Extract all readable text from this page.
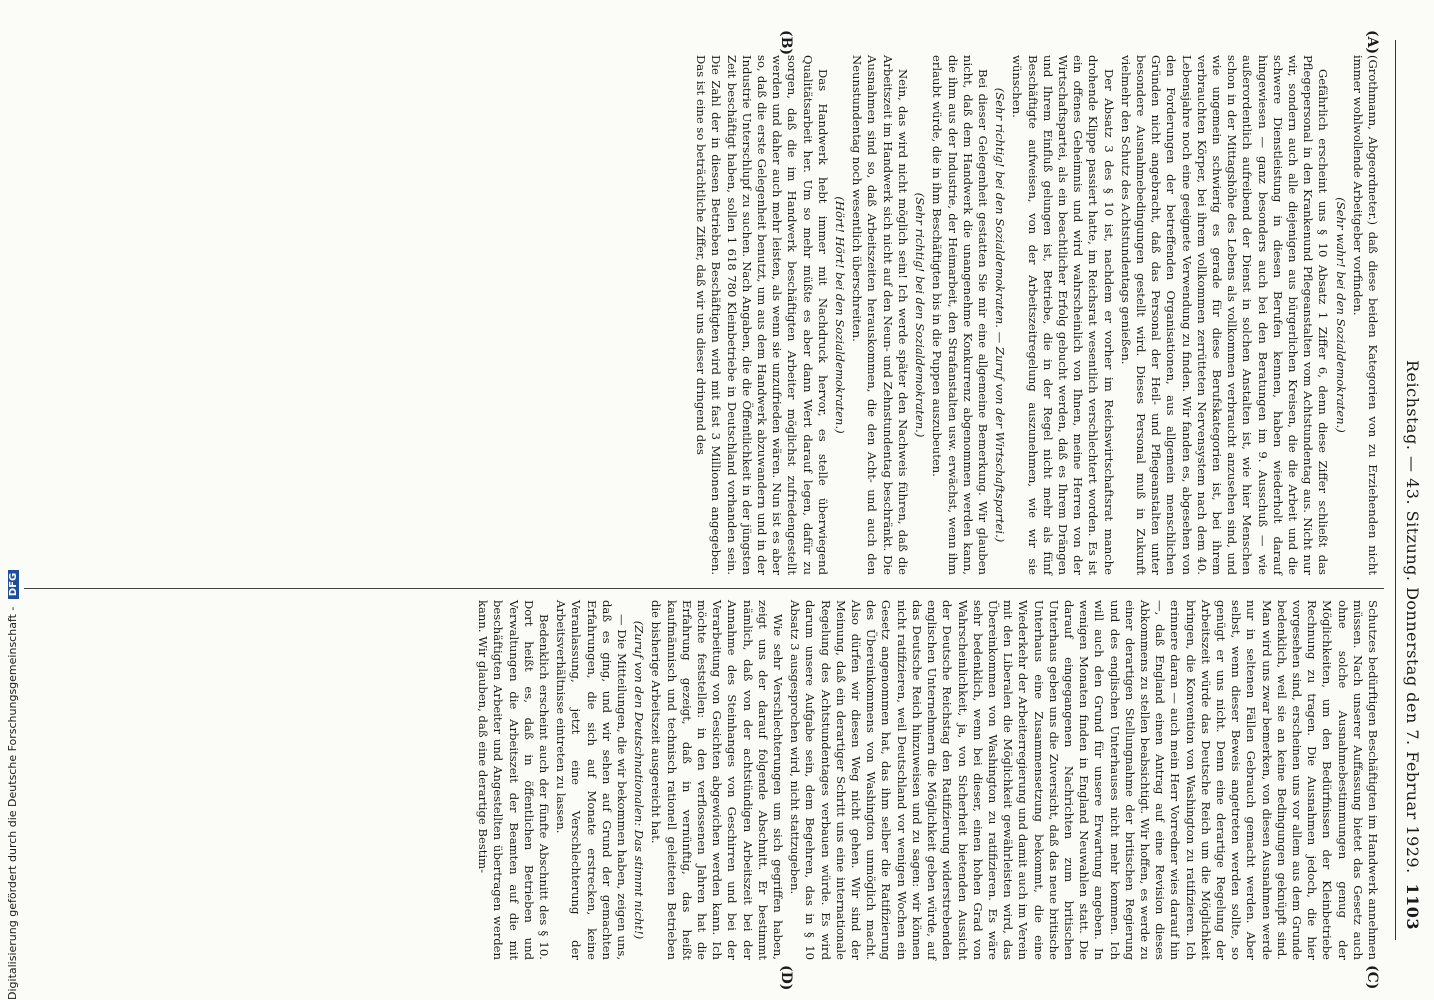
Reichstag. — 43. Sitzung. Donnerstag den 7. Februar 1929.
1103
(A)
(B)
(C)
(D)

(Grothmann, Abgeordneter.) daß diese beiden Kategorien von zu Erziehenden nicht immer wohlwollende Arbeitgeber vorfinden.

(Sehr wahr! bei den Sozialdemokraten.)

Gefährlich erscheint uns § 10 Absatz 1 Ziffer 6, denn diese Ziffer schließt das Pflegepersonal in den Krankenund Pflegeanstalten vom Achtstundentag aus. Nicht nur wir, sondern auch alle diejenigen aus bürgerlichen Kreisen, die die Arbeit und die schwere Dienstleistung in diesen Berufen kennen, haben wiederholt darauf hingewiesen — ganz besonders auch bei den Beratungen im 9. Ausschuß — wie außerordentlich aufreibend der Dienst in solchen Anstalten ist, wie hier Menschen schon in der Mittagshöhe des Lebens als vollkommen verbraucht anzusehen sind, und wie ungemein schwierig es gerade für diese Berufskategorien ist, bei ihrem verbrauchten Körper, bei ihrem vollkommen zerrütteten Nervensystem nach dem 40. Lebensjahre noch eine geeignete Verwendung zu finden. Wir fanden es, abgesehen von den Forderungen der betreffenden Organisationen, aus allgemein menschlichen Gründen nicht angebracht, daß das Personal der Heil- und Pflegeanstalten unter besondere Ausnahmebedingungen gestellt wird. Dieses Personal muß in Zukunft vielmehr den Schutz des Achtstundentags genießen.

Der Absatz 3 des § 10 ist, nachdem er vorher im Reichswirtschaftsrat manche drohende Klippe passiert hatte, im Reichsrat wesentlich verschlechtert worden. Es ist ein offenes Geheimnis und wird wahrscheinlich von Ihnen, meine Herren von der Wirtschaftspartei, als ein beachtlicher Erfolg gebucht werden, daß es Ihrem Drängen und Ihrem Einfluß gelungen ist, Betriebe, die in der Regel nicht mehr als fünf Beschäftigte aufweisen, von der Arbeitszeitregelung auszunehmen, wie wir sie wünschen.

(Sehr richtig! bei den Sozialdemokraten. — Zuruf von der Wirtschaftspartei.)

Bei dieser Gelegenheit gestatten Sie mir eine allgemeine Bemerkung. Wir glauben nicht, daß dem Handwerk die unangenehme Konkurrenz abgenommen werden kann, die ihm aus der Industrie, der Heimarbeit, den Strafanstalten usw. erwächst, wenn ihm erlaubt würde, die in ihm Beschäftigten bis in die Puppen auszubeuten.

(Sehr richtig! bei den Sozialdemokraten.)

Nein, das wird nicht möglich sein! Ich werde später den Nachweis führen, daß die Arbeitszeit im Handwerk sich nicht auf den Neun- und Zehnstundentag beschränkt. Die Ausnahmen sind so, daß Arbeitszeiten herauskommen, die den Acht- und auch den Neunstundentag noch wesentlich überschreiten.

(Hört! Hört! bei den Sozialdemokraten.)

Das Handwerk hebt immer mit Nachdruck hervor, es stelle überwiegend Qualitätsarbeit her. Um so mehr müßte es aber dann Wert darauf legen, dafür zu sorgen, daß die im Handwerk beschäftigten Arbeiter möglichst zufriedengestellt werden und daher auch mehr leisten, als wenn sie unzufrieden wären. Nun ist es aber so, daß die erste Gelegenheit benutzt, um aus dem Handwerk abzuwandern und in der Industrie Unterschlupf zu suchen. Nach Angaben, die die Öffentlichkeit in der jüngsten Zeit beschäftigt haben, sollen 1 618 780 Kleinbetriebe in Deutschland vorhanden sein. Die Zahl der in diesen Betrieben Beschäftigten wird mit fast 3 Millionen angegeben. Das ist eine so beträchtliche Ziffer, daß wir uns dieser dringend des

Schutzes bedürftigen Beschäftigten im Handwerk annehmen müssen. Nach unserer Auffassung bietet das Gesetz auch ohne solche Ausnahmebestimmungen genug der Möglichkeiten, um den Bedürfnissen der Kleinbetriebe Rechnung zu tragen. Die Ausnahmen jedoch, die hier vorgesehen sind, erscheinen uns vor allem aus dem Grunde bedenklich, weil sie an keine Bedingungen geknüpft sind. Man wird uns zwar bemerken, von diesen Ausnahmen werde nur in seltenen Fällen Gebrauch gemacht werden. Aber selbst, wenn dieser Beweis angetreten werden sollte, so genügt er uns nicht. Denn eine derartige Regelung der Arbeitszeit würde das Deutsche Reich um die Möglichkeit bringen, die Konvention von Washington zu ratifizieren. Ich erinnere daran — auch mein Herr Vorredner wies darauf hin —, daß England einen Antrag auf eine Revision dieses Abkommens zu stellen beabsichtigt. Wir hoffen, es werde zu einer derartigen Stellungnahme der britischen Regierung und des englischen Unterhauses nicht mehr kommen. Ich will auch den Grund für unsere Erwartung angeben. In wenigen Monaten finden in England Neuwahlen statt. Die darauf eingegangenen Nachrichten zum britischen Unterhaus geben uns die Zuversicht, daß das neue britische Unterhaus eine Zusammensetzung bekommt, die eine Wiederkehr der Arbeiterregierung und damit auch im Verein mit den Liberalen die Möglichkeit gewährleisten wird, das Übereinkommen von Washington zu ratifizieren. Es wäre sehr bedenklich, wenn bei dieser, einen hohen Grad von Wahrscheinlichkeit, ja, von Sicherheit bietenden Aussicht der Deutsche Reichstag den Ratifizierung widerstrebenden englischen Unternehmern die Möglichkeit geben würde, auf das Deutsche Reich hinzuweisen und zu sagen: wir können nicht ratifizieren, weil Deutschland vor wenigen Wochen ein Gesetz angenommen hat, das ihm selber die Ratifizierung des Übereinkommens von Washington unmöglich macht. Also dürfen wir diesen Weg nicht gehen. Wir sind der Meinung, daß ein derartiger Schritt uns eine internationale Regelung des Achtstundentages verbauen würde. Es wird darum unsere Aufgabe sein, dem Begehren, das in § 10 Absatz 3 ausgesprochen wird, nicht stattzugeben.

Wie sehr Verschlechterungen um sich gegriffen haben, zeigt uns der darauf folgende Abschnitt. Er bestimmt nämlich, daß von der achtstündigen Arbeitszeit bei der Annahme des Steinhanges von Geschirren und bei der Verarbeitung von Gesichten abgewichen werden kann. Ich möchte feststellen: in den verflossenen Jahren hat die Erfahrung gezeigt, daß in vernünftig, das heißt kaufmännisch und technisch rationell geleiteten Betrieben die bisherige Arbeitszeit ausgereicht hat.

(Zuruf von den Deutschnationalen: Das stimmt nicht!)

— Die Mitteilungen, die wir bekommen haben, zeigen uns, daß es ging, und wir sehen auf Grund der gemachten Erfahrungen, die sich auf Monate erstrecken, keine Veranlassung, jetzt eine Verschlechterung der Arbeitsverhältnisse eintreten zu lassen.

Bedenklich erscheint auch der fünfte Abschnitt des § 10. Dort heißt es, daß in öffentlichen Betrieben und Verwaltungen die Arbeitszeit der Beamten auf die mit beschäftigten Arbeiter und Angestellten übertragen werden kann. Wir glauben, daß eine derartige Bestim-

Digitalisierung gefördert durch die Deutsche Forschungsgemeinschaft - DFG
